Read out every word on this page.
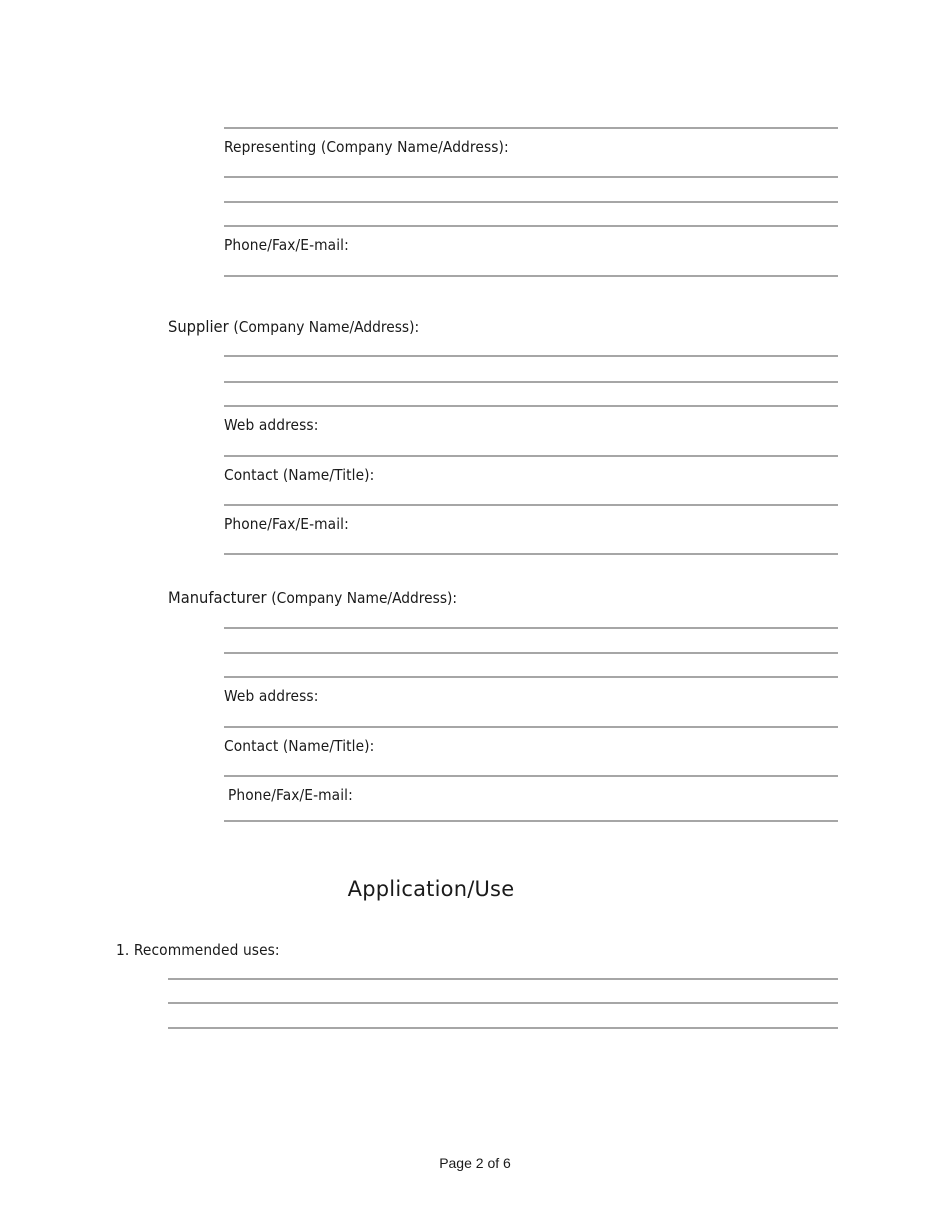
Representing (Company Name/Address):
Phone/Fax/E-mail:
Supplier (Company Name/Address):
Web address:
Contact (Name/Title):
Phone/Fax/E-mail:
Manufacturer (Company Name/Address):
Web address:
Contact (Name/Title):
Phone/Fax/E-mail:
Application/Use
1. Recommended uses:
Page 2 of 6
